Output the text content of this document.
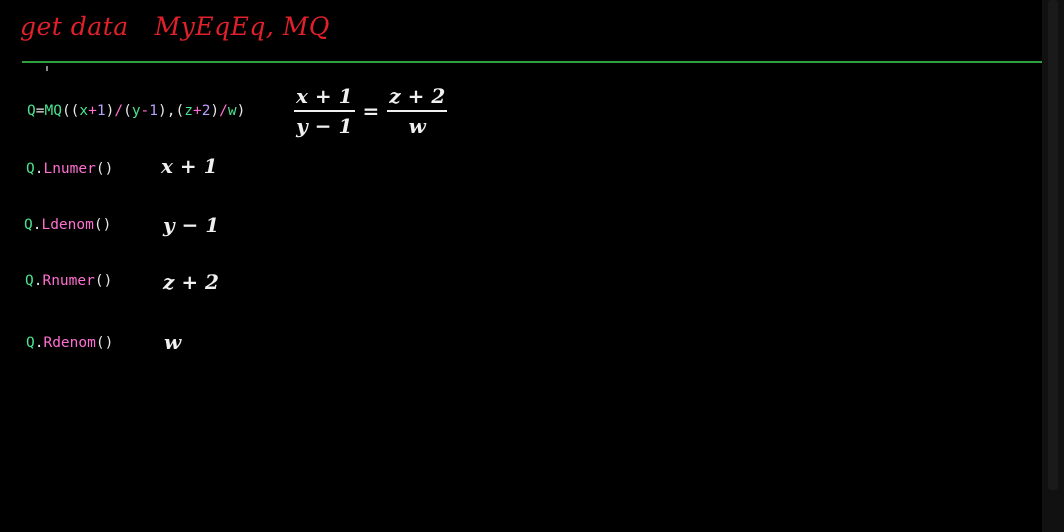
get data MyEqEq, MQ
$Q=MQ((x+1)/(y-1),(z+2)/w) \frac{x + 1}{y - 1} = \frac{z + 2}{w}$
Q.Lnumer() x + 1
Q.Ldenom()	y − 1
Q.Rnumer()	z + 2
Q.Rdenom()	w
